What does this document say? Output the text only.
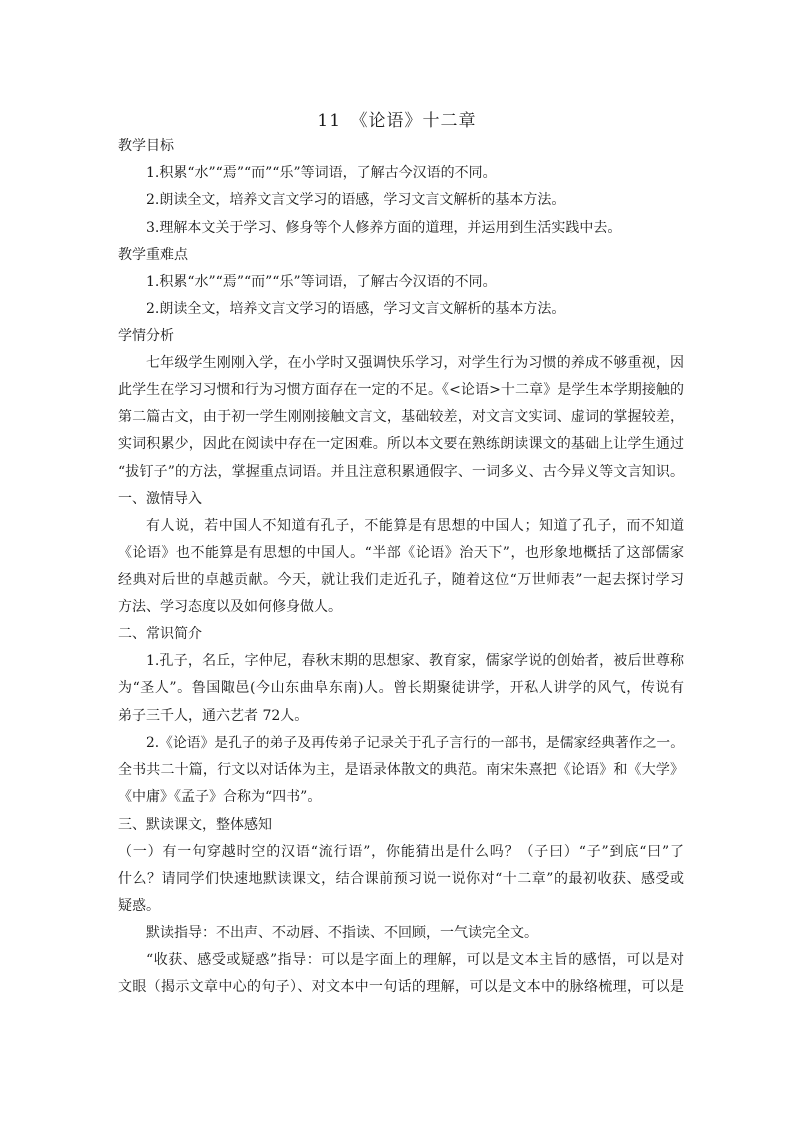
11　《论语》十二章
教学目标
1.积累“水”“焉”“而”“乐”等词语，了解古今汉语的不同。
2.朗读全文，培养文言文学习的语感，学习文言文解析的基本方法。
3.理解本文关于学习、修身等个人修养方面的道理，并运用到生活实践中去。
教学重难点
1.积累“水”“焉”“而”“乐”等词语，了解古今汉语的不同。
2.朗读全文，培养文言文学习的语感，学习文言文解析的基本方法。
学情分析
七年级学生刚刚入学，在小学时又强调快乐学习，对学生行为习惯的养成不够重视，因
此学生在学习习惯和行为习惯方面存在一定的不足。《<论语>十二章》是学生本学期接触的
第二篇古文，由于初一学生刚刚接触文言文，基础较差，对文言文实词、虚词的掌握较差，
实词积累少，因此在阅读中存在一定困难。所以本文要在熟练朗读课文的基础上让学生通过
“拔钉子”的方法，掌握重点词语。并且注意积累通假字、一词多义、古今异义等文言知识。
一、激情导入
有人说，若中国人不知道有孔子，不能算是有思想的中国人；知道了孔子，而不知道
《论语》也不能算是有思想的中国人。“半部《论语》治天下”，也形象地概括了这部儒家
经典对后世的卓越贡献。今天，就让我们走近孔子，随着这位“万世师表”一起去探讨学习
方法、学习态度以及如何修身做人。
二、常识简介
1.孔子，名丘，字仲尼，春秋末期的思想家、教育家，儒家学说的创始者，被后世尊称
为“圣人”。鲁国陬邑(今山东曲阜东南)人。曾长期聚徒讲学，开私人讲学的风气，传说有
弟子三千人，通六艺者 72人。
2.《论语》是孔子的弟子及再传弟子记录关于孔子言行的一部书，是儒家经典著作之一。
全书共二十篇，行文以对话体为主，是语录体散文的典范。南宋朱熹把《论语》和《大学》
《中庸》《孟子》合称为“四书”。
三、默读课文，整体感知
（一）有一句穿越时空的汉语“流行语”，你能猜出是什么吗？（子曰）“子”到底“曰”了
什么？请同学们快速地默读课文，结合课前预习说一说你对“十二章”的最初收获、感受或
疑惑。
默读指导：不出声、不动唇、不指读、不回顾，一气读完全文。
“收获、感受或疑惑”指导：可以是字面上的理解，可以是文本主旨的感悟，可以是对
文眼（揭示文章中心的句子）、对文本中一句话的理解，可以是文本中的脉络梳理，可以是
